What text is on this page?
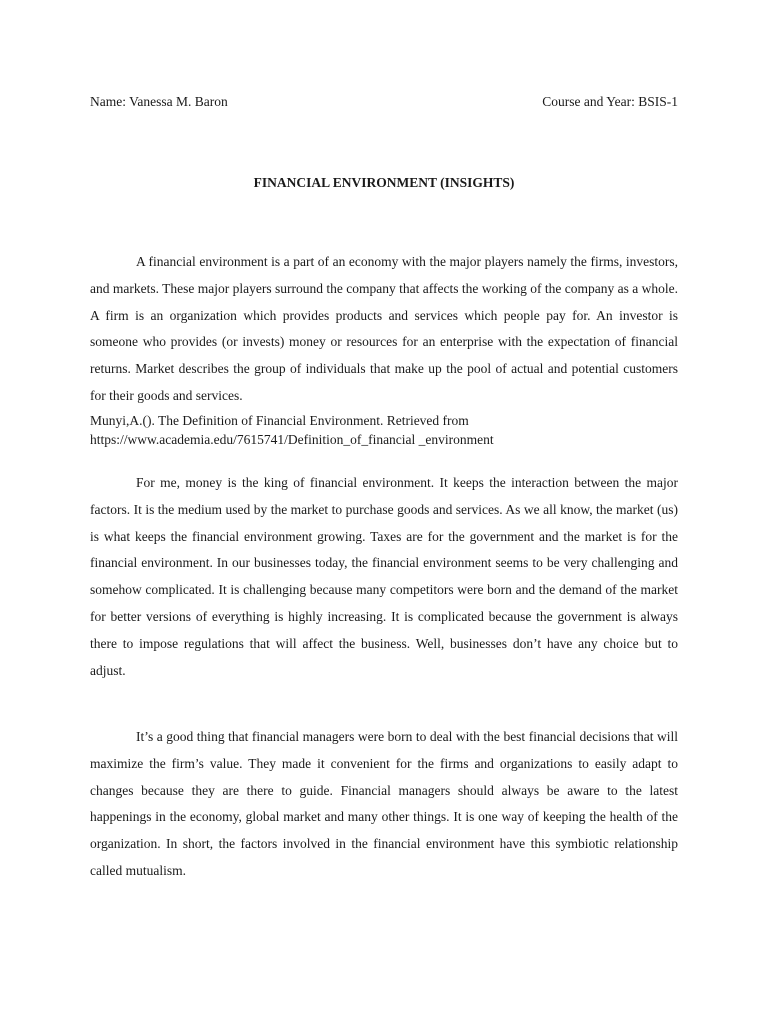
Name: Vanessa M. Baron	Course and Year: BSIS-1
FINANCIAL ENVIRONMENT (INSIGHTS)

A financial environment is a part of an economy with the major players namely the firms, investors, and markets. These major players surround the company that affects the working of the company as a whole. A firm is an organization which provides products and services which people pay for. An investor is someone who provides (or invests) money or resources for an enterprise with the expectation of financial returns. Market describes the group of individuals that make up the pool of actual and potential customers for their goods and services.

Munyi,A.(). The Definition of Financial Environment. Retrieved from
https://www.academia.edu/7615741/Definition_of_financial _environment

For me, money is the king of financial environment. It keeps the interaction between the major factors. It is the medium used by the market to purchase goods and services. As we all know, the market (us) is what keeps the financial environment growing. Taxes are for the government and the market is for the financial environment. In our businesses today, the financial environment seems to be very challenging and somehow complicated. It is challenging because many competitors were born and the demand of the market for better versions of everything is highly increasing. It is complicated because the government is always there to impose regulations that will affect the business. Well, businesses don’t have any choice but to adjust.

It’s a good thing that financial managers were born to deal with the best financial decisions that will maximize the firm’s value. They made it convenient for the firms and organizations to easily adapt to changes because they are there to guide. Financial managers should always be aware to the latest happenings in the economy, global market and many other things. It is one way of keeping the health of the organization. In short, the factors involved in the financial environment have this symbiotic relationship called mutualism.
